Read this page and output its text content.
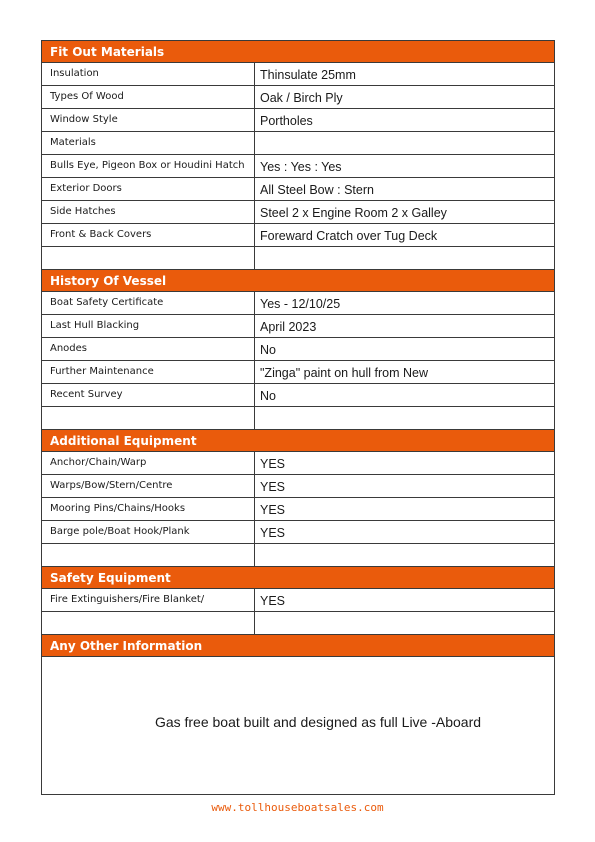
Fit Out Materials
Insulation	Thinsulate 25mm
Types Of Wood	Oak / Birch Ply
Window Style	Portholes
Materials
Bulls Eye, Pigeon Box or Houdini Hatch	Yes : Yes : Yes
Exterior Doors	All Steel Bow : Stern
Side Hatches	Steel 2 x Engine Room 2 x Galley
Front & Back Covers	Foreward Cratch over Tug Deck
History Of Vessel
Boat Safety Certificate	Yes - 12/10/25
Last Hull Blacking	April 2023
Anodes	No
Further Maintenance	"Zinga" paint on hull from New
Recent Survey	No
Additional Equipment
Anchor/Chain/Warp	YES
Warps/Bow/Stern/Centre	YES
Mooring Pins/Chains/Hooks	YES
Barge pole/Boat Hook/Plank	YES
Safety Equipment
Fire Extinguishers/Fire Blanket/	YES
Any Other Information
Gas free boat built and designed as full Live -Aboard
www.tollhouseboatsales.com
